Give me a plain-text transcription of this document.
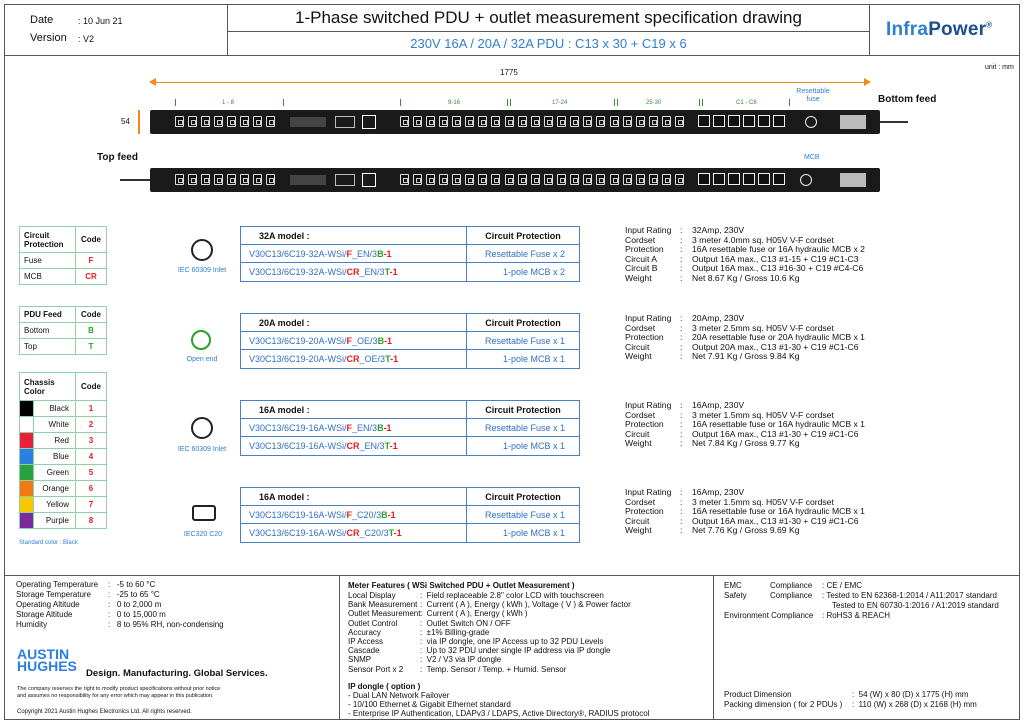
Date	: 10 Jun 21
Version : V2
1-Phase switched PDU + outlet measurement specification drawing
230V 16A / 20A / 32A PDU : C13 x 30 + C19 x 6
InfraPower®
unit : mm
1775
1 - 8	9-16	17-24	25-30	C1 - C6
Resettable fuse	Bottom feed
54
Top feed	MCB
Circuit Protection	Code
Fuse	F
MCB	CR
PDU Feed	Code
Bottom	B
Top	T
Chassis Color	Code

Black	1

White	2

Red	3

Blue	4

Green	5

Orange	6

Yellow	7

Purple	8
Standard color : Black
IEC 60309 Inlet
Open end
IEC 60309 Inlet
IEC320 C20
32A model :	Circuit Protection
V30C13/6C19-32A-WSi/F_EN/3B-1	Resettable Fuse x 2
V30C13/6C19-32A-WSi/CR_EN/3T-1	1-pole MCB x 2
Input Rating : 32Amp, 230V
Cordset	: 3 meter 4.0mm sq. H05V V-F cordset
Protection : 16A resettable fuse or 16A hydraulic MCB x 2
Circuit A	: Output 16A max., C13 #1-15 + C19 #C1-C3
Circuit B	: Output 16A max., C13 #16-30 + C19 #C4-C6
Weight	: Net 8.67 Kg / Gross 10.6 Kg
20A model :	Circuit Protection
V30C13/6C19-20A-WSi/F_OE/3B-1	Resettable Fuse x 1
V30C13/6C19-20A-WSi/CR_OE/3T-1	1-pole MCB x 1
Input Rating : 20Amp, 230V
Cordset	: 3 meter 2.5mm sq. H05V V-F cordset
Protection : 20A resettable fuse or 20A hydraulic MCB x 1
Circuit	: Output 20A max., C13 #1-30 + C19 #C1-C6
Weight	: Net 7.91 Kg / Gross 9.84 Kg
16A model :	Circuit Protection
V30C13/6C19-16A-WSi/F_EN/3B-1	Resettable Fuse x 1
V30C13/6C19-16A-WSi/CR_EN/3T-1	1-pole MCB x 1
Input Rating : 16Amp, 230V
Cordset	: 3 meter 1.5mm sq. H05V V-F cordset
Protection : 16A resettable fuse or 16A hydraulic MCB x 1
Circuit	: Output 16A max., C13 #1-30 + C19 #C1-C6
Weight	: Net 7.84 Kg / Gross 9.77 Kg
16A model :	Circuit Protection
V30C13/6C19-16A-WSi/F_C20/3B-1	Resettable Fuse x 1
V30C13/6C19-16A-WSi/CR_C20/3T-1	1-pole MCB x 1
Input Rating : 16Amp, 230V
Cordset	: 3 meter 1.5mm sq. H05V V-F cordset
Protection : 16A resettable fuse or 16A hydraulic MCB x 1
Circuit	: Output 16A max., C13 #1-30 + C19 #C1-C6
Weight	: Net 7.76 Kg / Gross 9.69 Kg
Operating Temperature :   -5 to 60 °C
Storage Temperature :   -25 to 65 °C
Operating Altitude	:   0 to 2,000 m
Storage Altitude	:   0 to 15,000 m
Humidity	:   8 to 95% RH, non-condensing
AUSTIN
HUGHES Design. Manufacturing. Global Services.
The company reserves the right to modify product specifications without prior notice
and assumes no responsibility for any error which may appear in this publication.
Copyright 2021 Austin Hughes Electronics Ltd. All rights reserved.
Meter Features ( WSi Switched PDU + Outlet Measurement )
Local Display	:  Field replaceable 2.8" color LCD with touchscreen
Bank Measurement :  Current ( A ), Energy ( kWh ), Voltage ( V ) & Power factor
Outlet Measurement:  Current ( A ), Energy ( kWh )
Outlet Control	:  Outlet Switch ON / OFF
Accuracy	:  ±1% Billing-grade
IP Access	:  via IP dongle, one IP Access up to 32 PDU Levels
Cascade	:  Up to 32 PDU under single IP address via IP dongle
SNMP	:  V2 / V3 via IP dongle
Sensor Port x 2 :  Temp. Sensor / Temp. + Humid. Sensor
IP dongle ( option )
- Dual LAN Network Failover
- 10/100 Ethernet & Gigabit Ethernet standard
- Enterprise IP Authentication, LDAPv3 / LDAPS, Active Directory®, RADIUS protocol
EMC	Compliance : CE / EMC
Safety	Compliance : Tested to EN 62368-1:2014 / A11:2017 standard
Tested to EN 60730-1:2016 / A1:2019 standard
Environment Compliance : RoHS3 & REACH
Product Dimension	:  54 (W) x 80 (D) x 1775 (H) mm
Packing dimension ( for 2 PDUs ) :  110 (W) x 268 (D) x 2168 (H) mm
